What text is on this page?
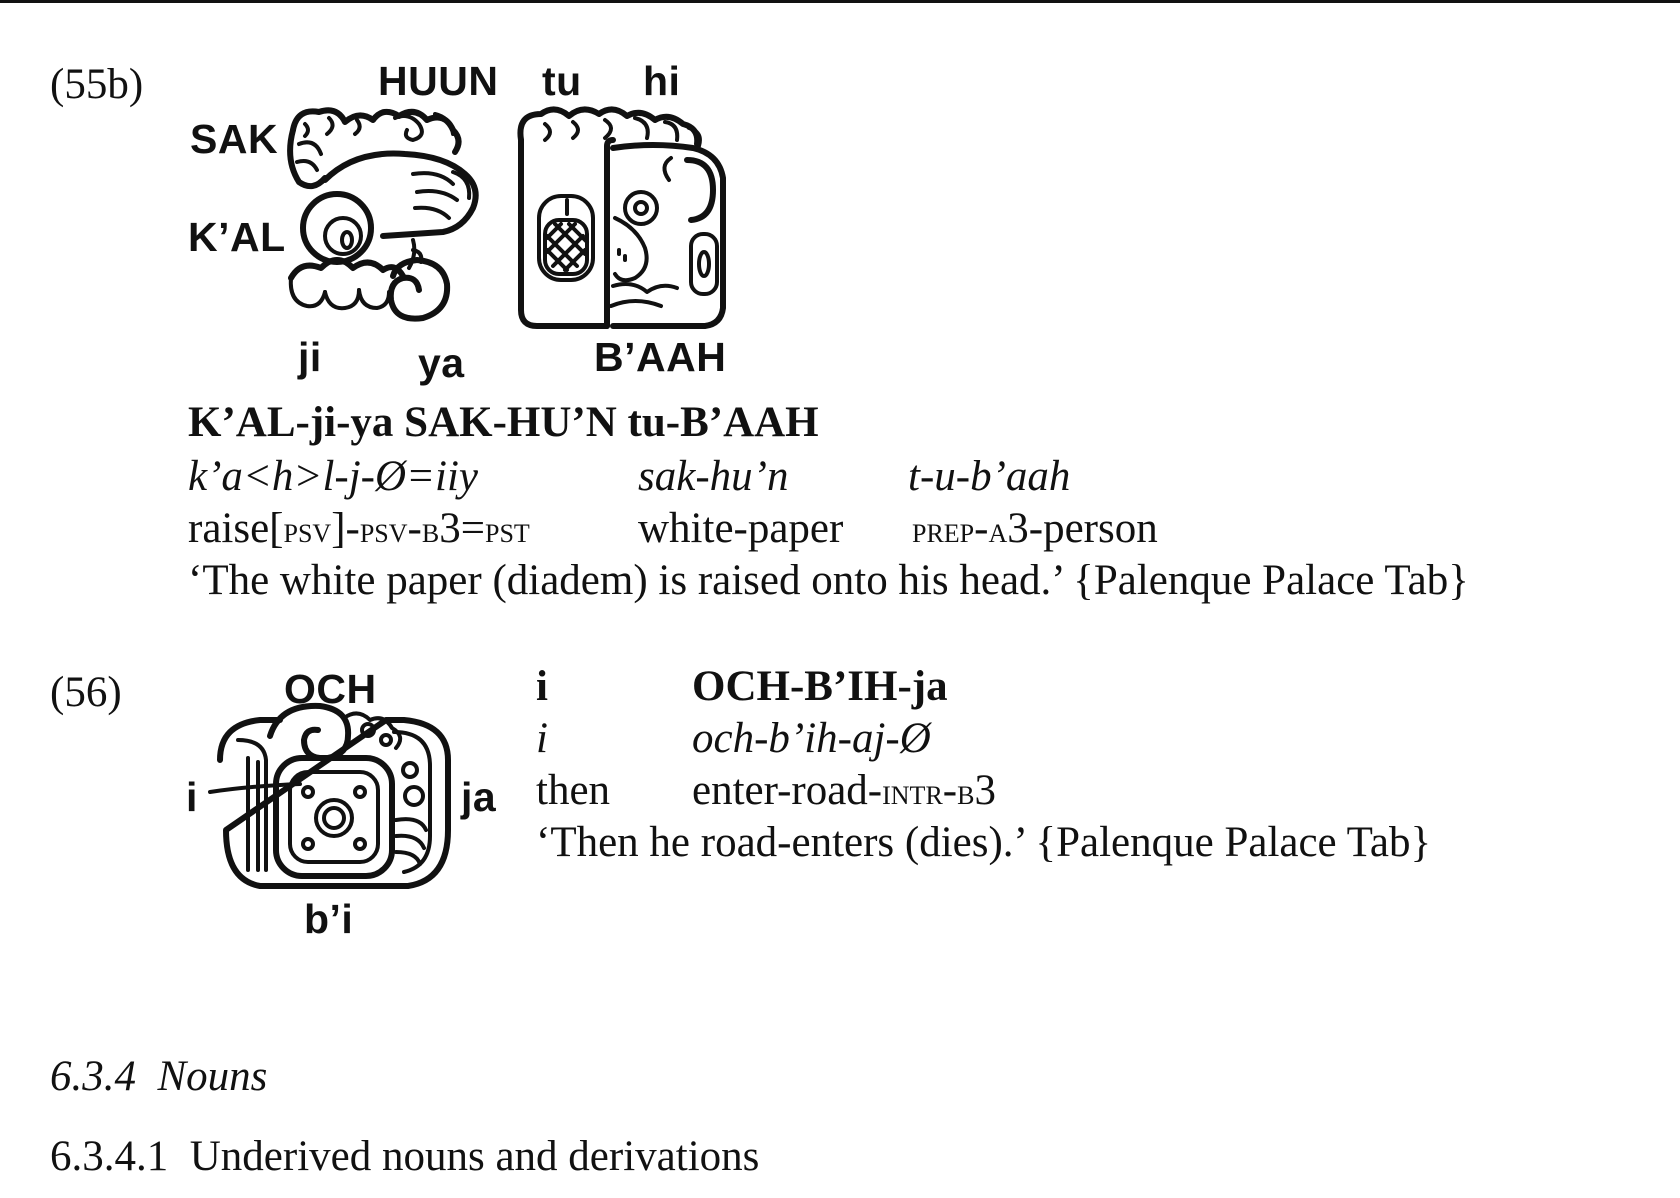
(55b)	HUUN tu hi
SAK
K’AL
ji ya	B’AAH
K’AL-ji-ya SAK-HU’N tu-B’AAH
k’a<h>l-j-Ø=iiy	sak-hu’n	t-u-b’aah
raise[psv]-psv-b3=pst	white-paper prep-a3-person
‘The white paper (diadem) is raised onto his head.’ {Palenque Palace Tab}
(56)	OCH
i	ja
b’i
i	OCH-B’IH-ja
i	och-b’ih-aj-Ø
then enter-road-intr-b3
‘Then he road-enters (dies).’ {Palenque Palace Tab}
6.3.4 Nouns
6.3.4.1  Underived nouns and derivations
